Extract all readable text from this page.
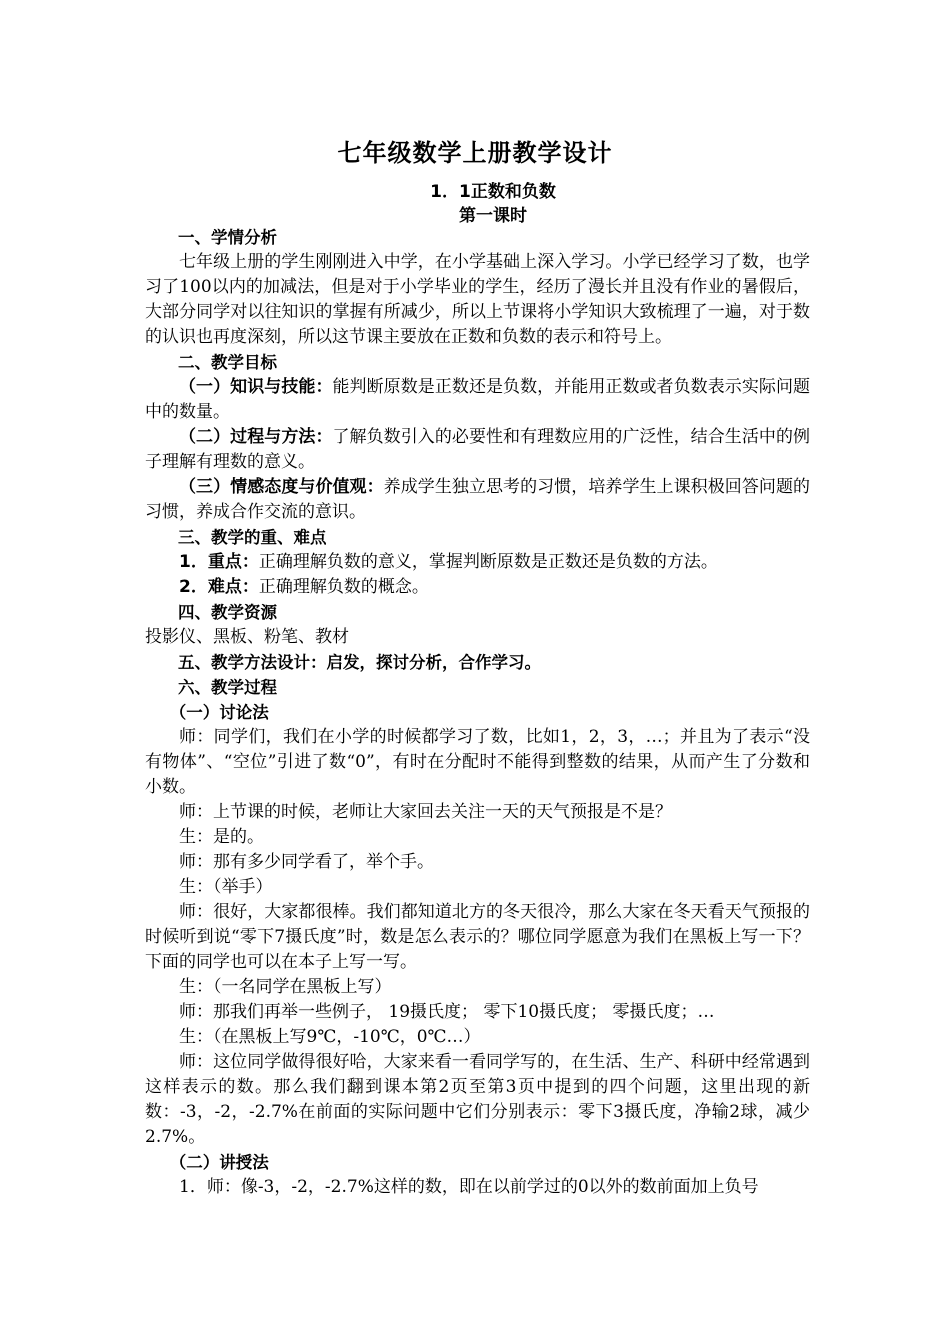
七年级数学上册教学设计
1．1正数和负数
第一课时

一、学情分析

七年级上册的学生刚刚进入中学，在小学基础上深入学习。小学已经学习了数，也学习了100以内的加减法，但是对于小学毕业的学生，经历了漫长并且没有作业的暑假后，大部分同学对以往知识的掌握有所减少，所以上节课将小学知识大致梳理了一遍，对于数的认识也再度深刻，所以这节课主要放在正数和负数的表示和符号上。

二、教学目标

（一）知识与技能：能判断原数是正数还是负数，并能用正数或者负数表示实际问题中的数量。

（二）过程与方法：了解负数引入的必要性和有理数应用的广泛性，结合生活中的例子理解有理数的意义。

（三）情感态度与价值观：养成学生独立思考的习惯，培养学生上课积极回答问题的习惯，养成合作交流的意识。

三、教学的重、难点

1．重点：正确理解负数的意义，掌握判断原数是正数还是负数的方法。

2．难点：正确理解负数的概念。

四、教学资源

投影仪、黑板、粉笔、教材

五、教学方法设计：启发，探讨分析，合作学习。

六、教学过程

（一）讨论法

师：同学们，我们在小学的时候都学习了数，比如1，2，3，…；并且为了表示“没有物体”、“空位”引进了数“0”，有时在分配时不能得到整数的结果，从而产生了分数和小数。

师：上节课的时候，老师让大家回去关注一天的天气预报是不是？

生：是的。

师：那有多少同学看了，举个手。

生：（举手）

师：很好，大家都很棒。我们都知道北方的冬天很冷，那么大家在冬天看天气预报的时候听到说“零下7摄氏度”时，数是怎么表示的？哪位同学愿意为我们在黑板上写一下？下面的同学也可以在本子上写一写。

生：（一名同学在黑板上写）

师：那我们再举一些例子， 19摄氏度； 零下10摄氏度； 零摄氏度；…

生：（在黑板上写9℃，-10℃，0℃…）

师：这位同学做得很好哈，大家来看一看同学写的，在生活、生产、科研中经常遇到这样表示的数。那么我们翻到课本第2页至第3页中提到的四个问题，这里出现的新数：-3，-2，-2.7%在前面的实际问题中它们分别表示：零下3摄氏度，净输2球，减少2.7%。

（二）讲授法

1．师：像-3，-2，-2.7%这样的数，即在以前学过的0以外的数前面加上负号
